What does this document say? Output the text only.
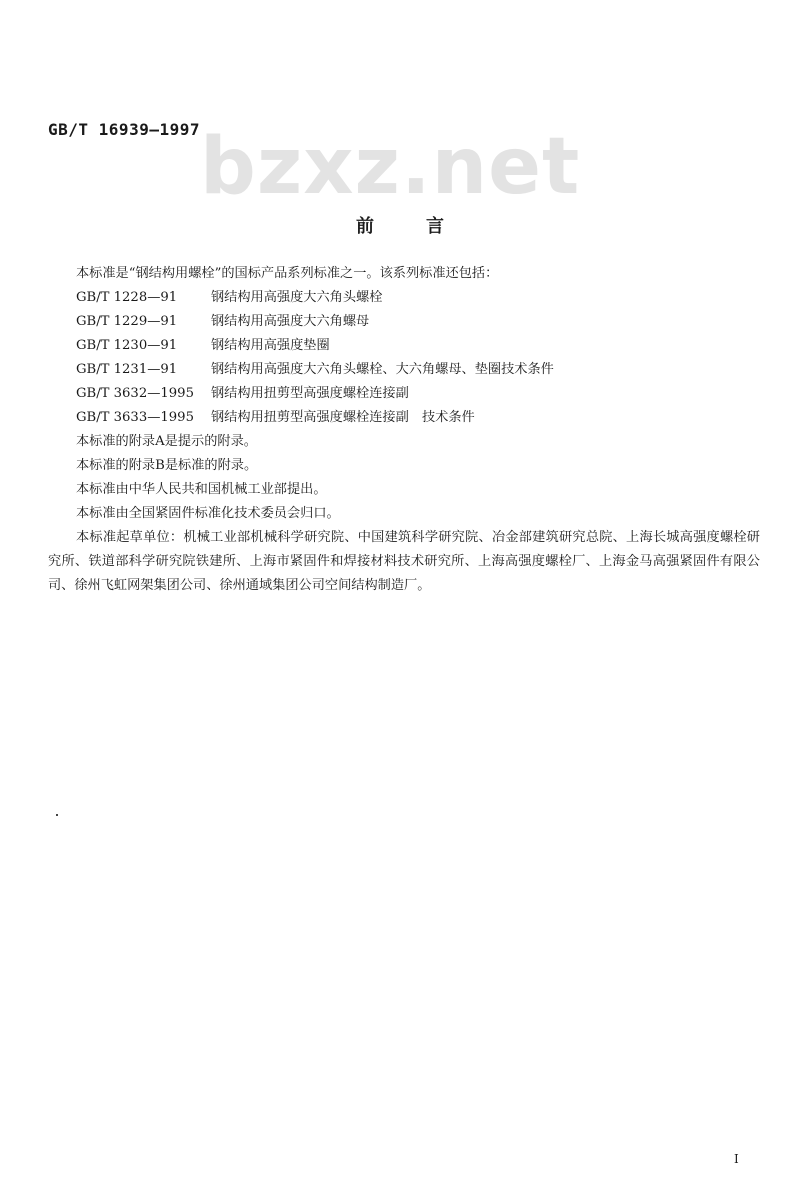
GB/T 16939—1997 bzxz.net
前言
本标准是“钢结构用螺栓”的国标产品系列标准之一。该系列标准还包括：
GB/T 1228—91	钢结构用高强度大六角头螺栓
GB/T 1229—91	钢结构用高强度大六角螺母
GB/T 1230—91	钢结构用高强度垫圈
GB/T 1231—91	钢结构用高强度大六角头螺栓、大六角螺母、垫圈技术条件
GB/T 3632—1995 钢结构用扭剪型高强度螺栓连接副
GB/T 3633—1995 钢结构用扭剪型高强度螺栓连接副　技术条件
本标准的附录A是提示的附录。
本标准的附录B是标准的附录。
本标准由中华人民共和国机械工业部提出。
本标准由全国紧固件标准化技术委员会归口。
本标准起草单位：机械工业部机械科学研究院、中国建筑科学研究院、冶金部建筑研究总院、上海长城高强度螺栓研究所、铁道部科学研究院铁建所、上海市紧固件和焊接材料技术研究所、上海高强度螺栓厂、上海金马高强紧固件有限公司、徐州飞虹网架集团公司、徐州通域集团公司空间结构制造厂。
I
